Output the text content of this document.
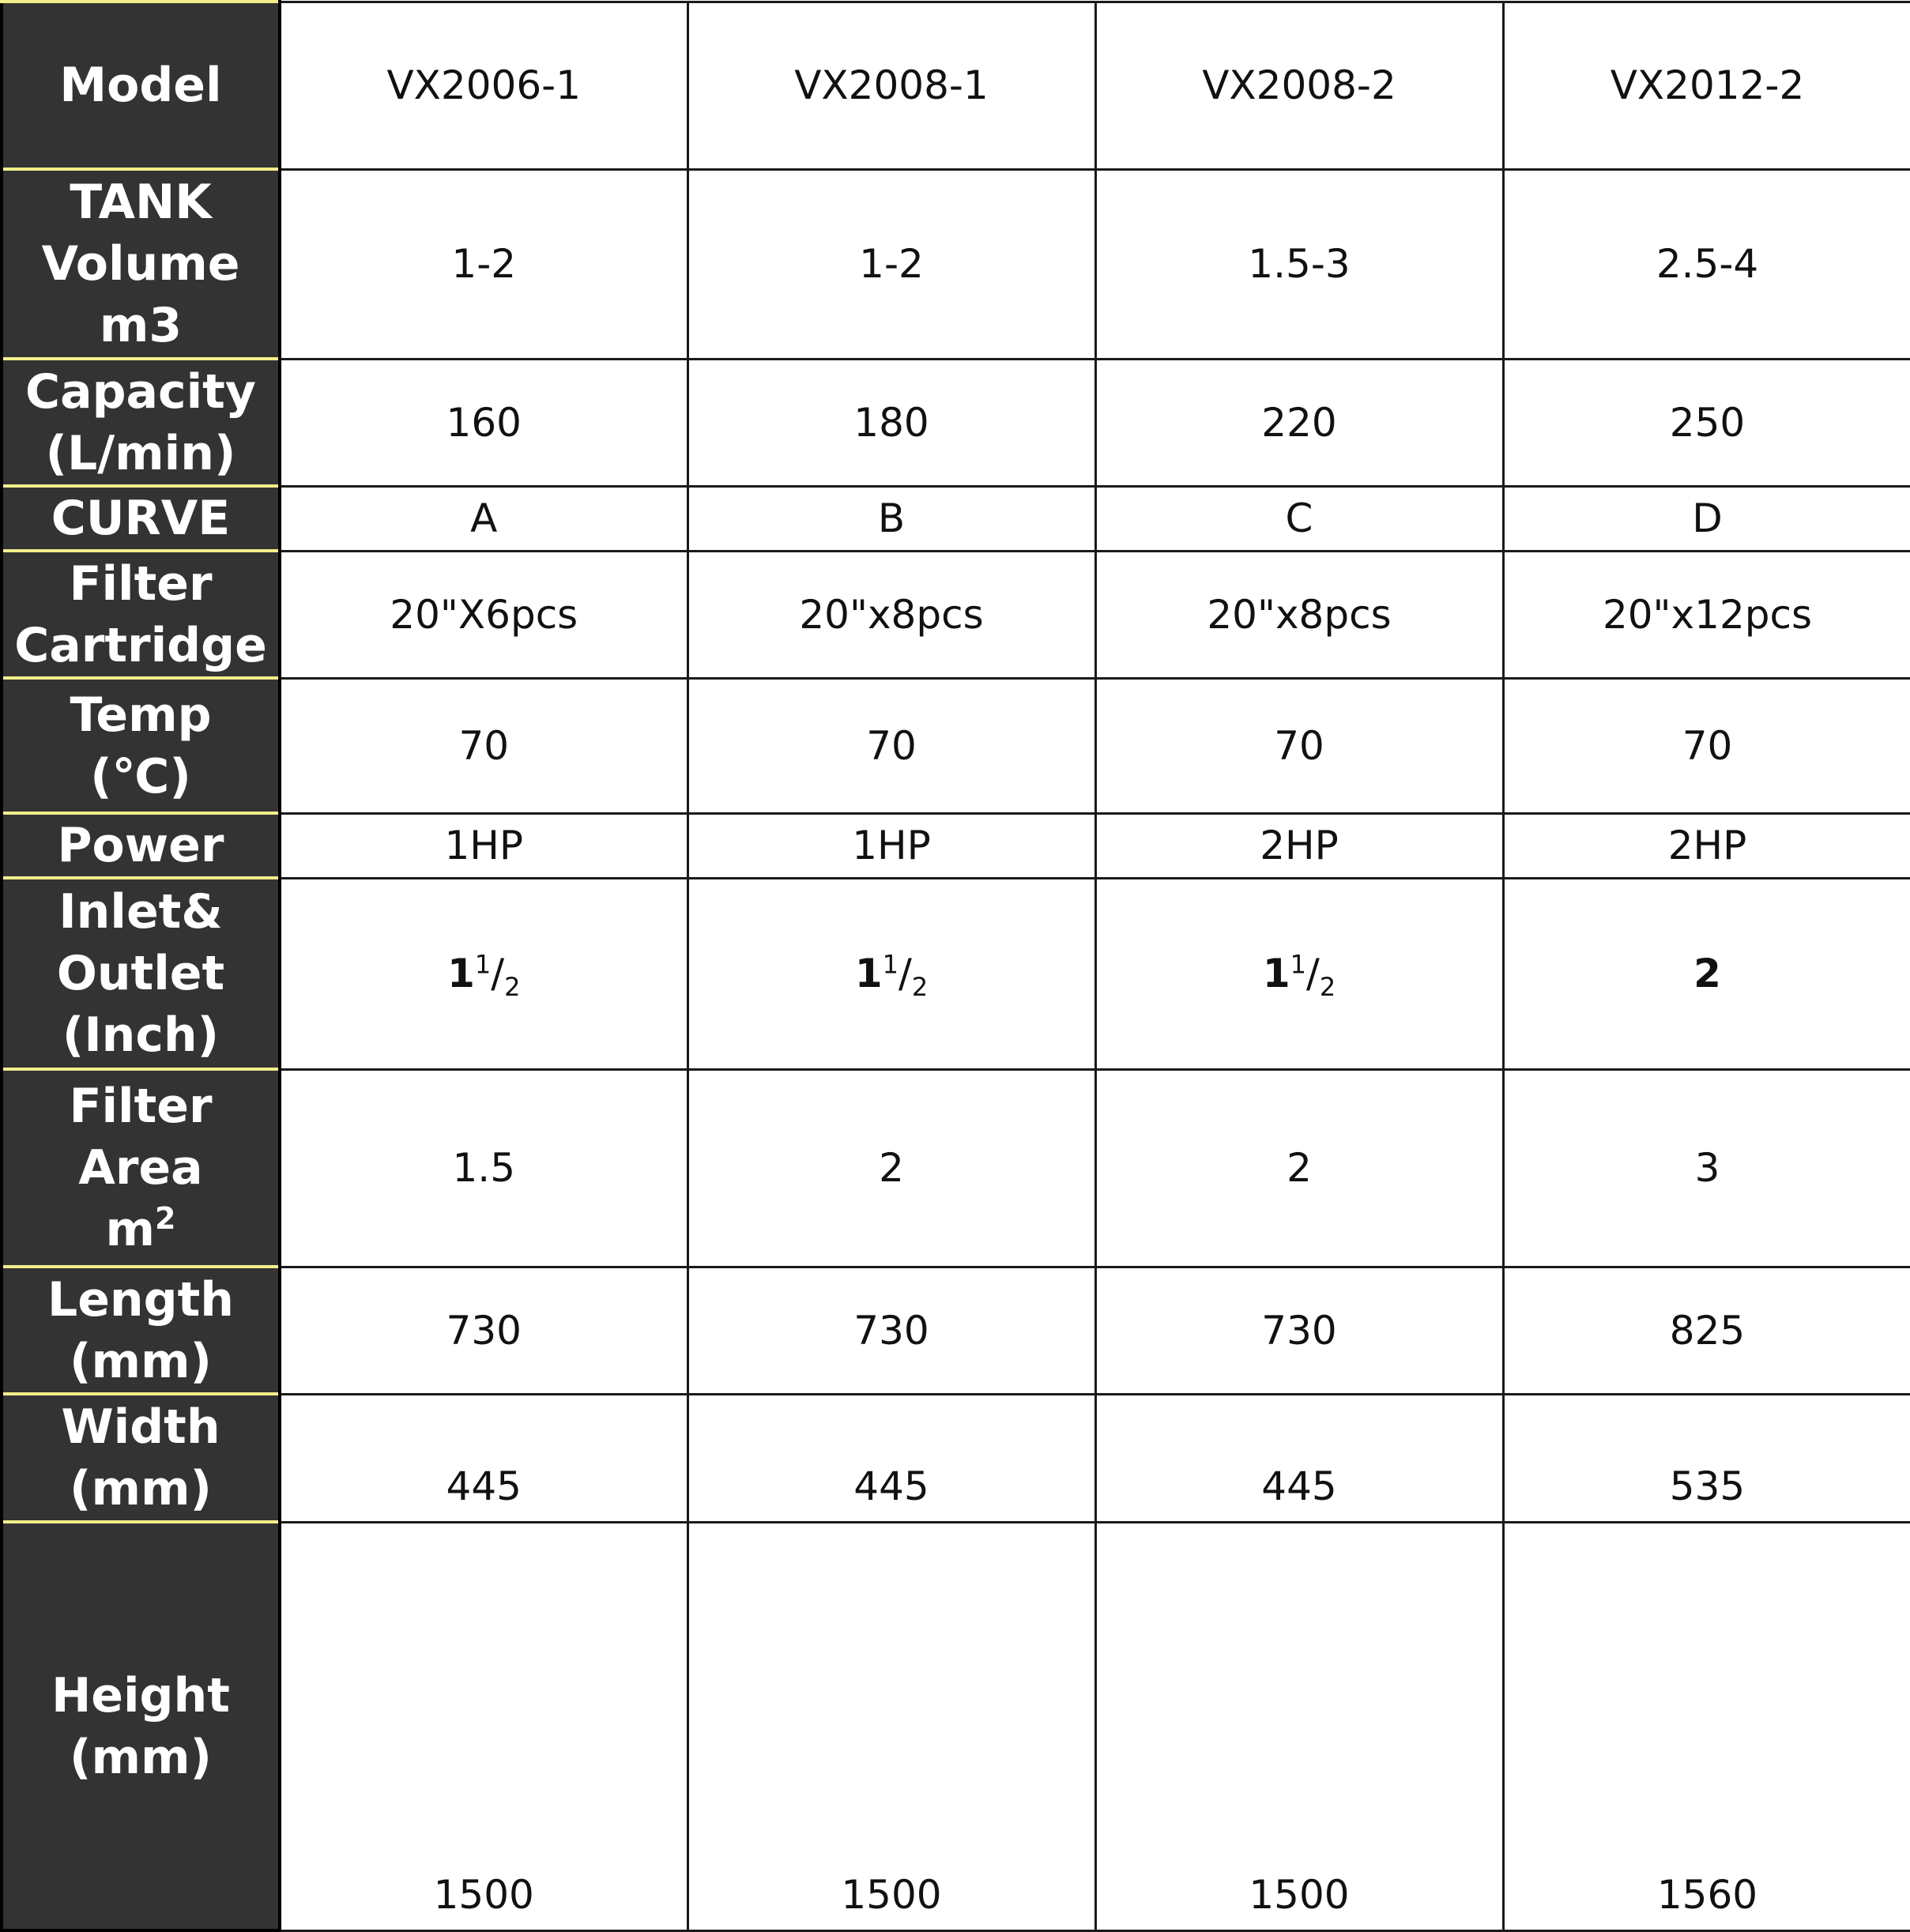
Model	VX2006-1	VX2008-1	VX2008-2	VX2012-2
TANK
Volume
m3	1-2	1-2	1.5-3	2.5-4
Capacity
(L/min)	160	180	220	250
CURVE	A	B	C	D
Filter
Cartridge	20"X6pcs	20"x8pcs	20"x8pcs	20"x12pcs
Temp
(℃)	70	70	70	70
Power	1HP	1HP	2HP	2HP
Inlet&
Outlet
(Inch)	$1^1/_2$	$1^1/_2$	$1^1/_2$	2
Filter Area
$m^2$	1.5	2	2	3
Length
(mm)	730	730	730	825
Width
(mm)	445	445	445	535
Height
(mm)	1500	1500	1500	1560
